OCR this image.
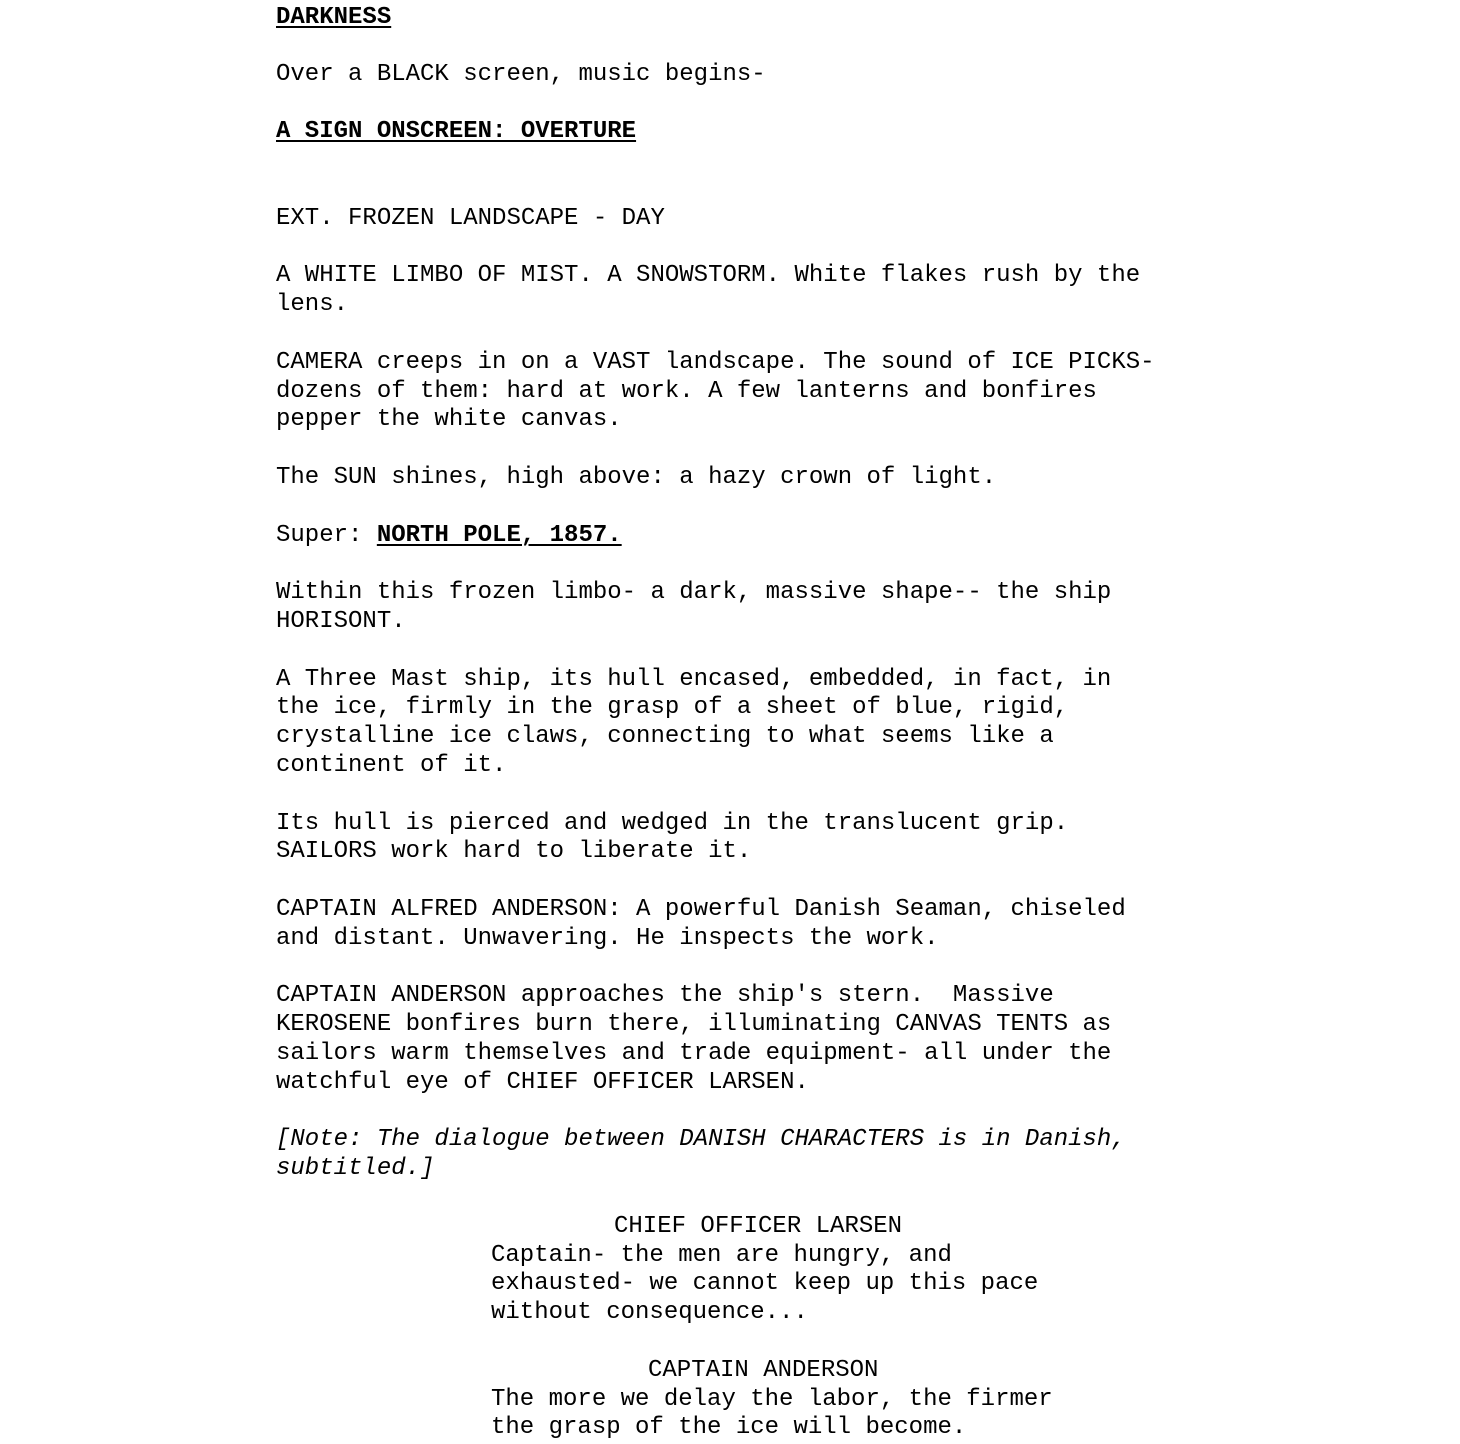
DARKNESS

Over a BLACK screen, music begins-

A SIGN ONSCREEN: OVERTURE

EXT. FROZEN LANDSCAPE - DAY

A WHITE LIMBO OF MIST. A SNOWSTORM. White flakes rush by the

lens.

CAMERA creeps in on a VAST landscape. The sound of ICE PICKS-

dozens of them: hard at work. A few lanterns and bonfires

pepper the white canvas.

The SUN shines, high above: a hazy crown of light.

Super: NORTH POLE, 1857.

Within this frozen limbo- a dark, massive shape-- the ship

HORISONT.

A Three Mast ship, its hull encased, embedded, in fact, in

the ice, firmly in the grasp of a sheet of blue, rigid,

crystalline ice claws, connecting to what seems like a

continent of it.

Its hull is pierced and wedged in the translucent grip.

SAILORS work hard to liberate it.

CAPTAIN ALFRED ANDERSON: A powerful Danish Seaman, chiseled

and distant. Unwavering. He inspects the work.

CAPTAIN ANDERSON approaches the ship's stern.  Massive

KEROSENE bonfires burn there, illuminating CANVAS TENTS as

sailors warm themselves and trade equipment- all under the

watchful eye of CHIEF OFFICER LARSEN.

[Note: The dialogue between DANISH CHARACTERS is in Danish,

subtitled.]

CHIEF OFFICER LARSEN

Captain- the men are hungry, and

exhausted- we cannot keep up this pace

without consequence...

CAPTAIN ANDERSON

The more we delay the labor, the firmer

the grasp of the ice will become.
